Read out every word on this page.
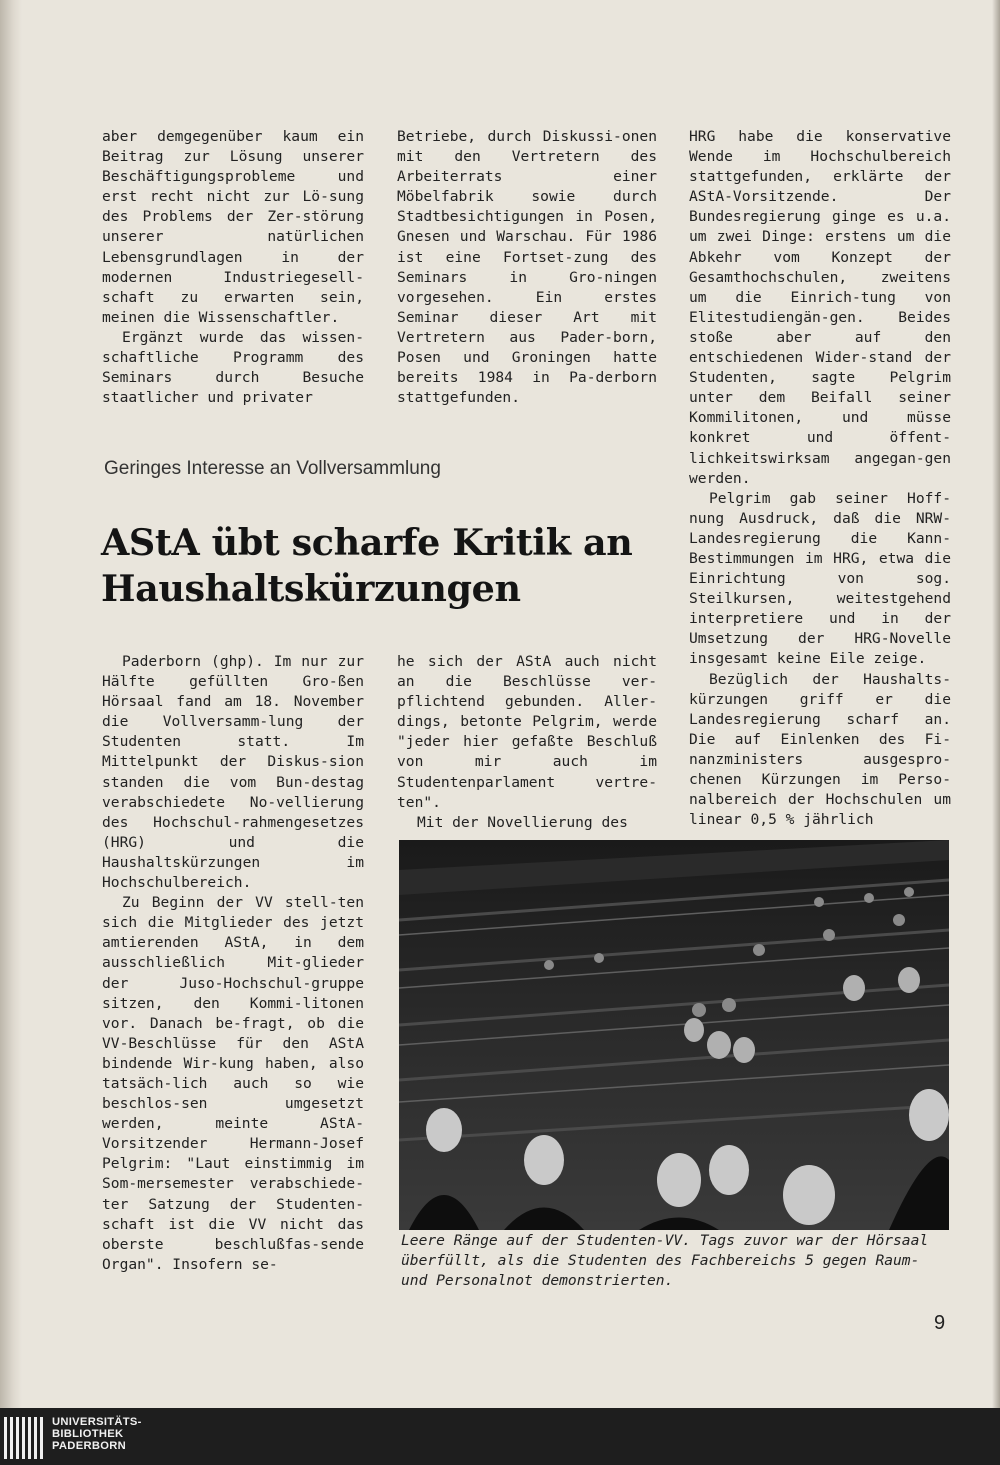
aber demgegenüber kaum ein Beitrag zur Lösung unserer Beschäftigungsprobleme und erst recht nicht zur Lö-sung des Problems der Zer-störung unserer natürlichen Lebensgrundlagen in der modernen Industriegesell-schaft zu erwarten sein, meinen die Wissenschaftler.

Ergänzt wurde das wissen-schaftliche Programm des Seminars durch Besuche staatlicher und privater

Betriebe, durch Diskussi-onen mit den Vertretern des Arbeiterrats einer Möbelfabrik sowie durch Stadtbesichtigungen in Posen, Gnesen und Warschau. Für 1986 ist eine Fortset-zung des Seminars in Gro-ningen vorgesehen. Ein erstes Seminar dieser Art mit Vertretern aus Pader-born, Posen und Groningen hatte bereits 1984 in Pa-derborn stattgefunden.

Geringes Interesse an Vollversammlung
AStA übt scharfe Kritik an Haushaltskürzungen

Paderborn (ghp). Im nur zur Hälfte gefüllten Gro-ßen Hörsaal fand am 18. November die Vollversamm-lung der Studenten statt. Im Mittelpunkt der Diskus-sion standen die vom Bun-destag verabschiedete No-vellierung des Hochschul-rahmengesetzes (HRG) und die Haushaltskürzungen im Hochschulbereich.

Zu Beginn der VV stell-ten sich die Mitglieder des jetzt amtierenden AStA, in dem ausschließlich Mit-glieder der Juso-Hochschul-gruppe sitzen, den Kommi-litonen vor. Danach be-fragt, ob die VV-Beschlüsse für den AStA bindende Wir-kung haben, also tatsäch-lich auch so wie beschlos-sen umgesetzt werden, meinte AStA-Vorsitzender Hermann-Josef Pelgrim: "Laut einstimmig im Som-mersemester verabschiede-ter Satzung der Studenten-schaft ist die VV nicht das oberste beschlußfas-sende Organ". Insofern se-

he sich der AStA auch nicht an die Beschlüsse ver-pflichtend gebunden. Aller-dings, betonte Pelgrim, werde "jeder hier gefaßte Beschluß von mir auch im Studentenparlament vertre-ten".

Mit der Novellierung des

HRG habe die konservative Wende im Hochschulbereich stattgefunden, erklärte der AStA-Vorsitzende. Der Bundesregierung ginge es u.a. um zwei Dinge: erstens um die Abkehr vom Konzept der Gesamthochschulen, zweitens um die Einrich-tung von Elitestudiengän-gen. Beides stoße aber auf den entschiedenen Wider-stand der Studenten, sagte Pelgrim unter dem Beifall seiner Kommilitonen, und müsse konkret und öffent-lichkeitswirksam angegan-gen werden.

Pelgrim gab seiner Hoff-nung Ausdruck, daß die NRW-Landesregierung die Kann-Bestimmungen im HRG, etwa die Einrichtung von sog. Steilkursen, weitestgehend interpretiere und in der Umsetzung der HRG-Novelle insgesamt keine Eile zeige.

Bezüglich der Haushalts-kürzungen griff er die Landesregierung scharf an. Die auf Einlenken des Fi-nanzministers ausgespro-chenen Kürzungen im Perso-nalbereich der Hochschulen um linear 0,5 % jährlich

Leere Ränge auf der Studenten-VV. Tags zuvor war der Hörsaal überfüllt, als die Studenten des Fachbereichs 5 gegen Raum- und Personalnot demonstrierten.

9
UNIVERSITÄTS-
BIBLIOTHEK
PADERBORN
